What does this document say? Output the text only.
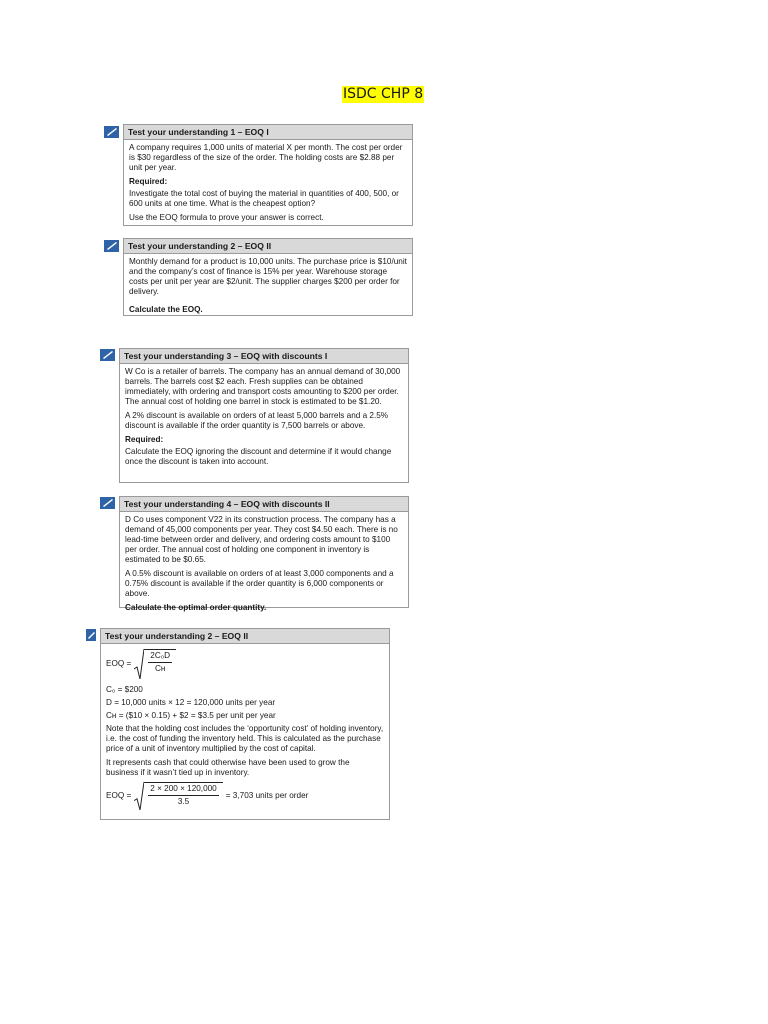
ISDC CHP 8
Test your understanding 1 – EOQ I

A company requires 1,000 units of material X per month. The cost per order is $30 regardless of the size of the order. The holding costs are $2.88 per unit per year.

Required:

Investigate the total cost of buying the material in quantities of 400, 500, or 600 units at one time. What is the cheapest option?

Use the EOQ formula to prove your answer is correct.

Test your understanding 2 – EOQ II

Monthly demand for a product is 10,000 units. The purchase price is $10/unit and the company’s cost of finance is 15% per year. Warehouse storage costs per unit per year are $2/unit. The supplier charges $200 per order for delivery.

Calculate the EOQ.

Test your understanding 3 – EOQ with discounts I

W Co is a retailer of barrels. The company has an annual demand of 30,000 barrels. The barrels cost $2 each. Fresh supplies can be obtained immediately, with ordering and transport costs amounting to $200 per order. The annual cost of holding one barrel in stock is estimated to be $1.20.

A 2% discount is available on orders of at least 5,000 barrels and a 2.5% discount is available if the order quantity is 7,500 barrels or above.

Required:

Calculate the EOQ ignoring the discount and determine if it would change once the discount is taken into account.

Test your understanding 4 – EOQ with discounts II

D Co uses component V22 in its construction process. The company has a demand of 45,000 components per year. They cost $4.50 each. There is no lead-time between order and delivery, and ordering costs amount to $100 per order. The annual cost of holding one component in inventory is estimated to be $0.65.

A 0.5% discount is available on orders of at least 3,000 components and a 0.75% discount is available if the order quantity is 6,000 components or above.

Calculate the optimal order quantity.

Test your understanding 2 – EOQ II
EOQ = $\frac{\text{2C₀D}}{Cн}$

C₀ = $200

D = 10,000 units × 12 = 120,000 units per year

Cн = ($10 × 0.15) + $2 = $3.5 per unit per year

Note that the holding cost includes the ‘opportunity cost’ of holding inventory, i.e. the cost of funding the inventory held. This is calculated as the purchase price of a unit of inventory multiplied by the cost of capital.

It represents cash that could otherwise have been used to grow the business if it wasn’t tied up in inventory.

EOQ = $\frac{2 \times 200 \times 120,000}{3.5} = 3,703$ units per order
